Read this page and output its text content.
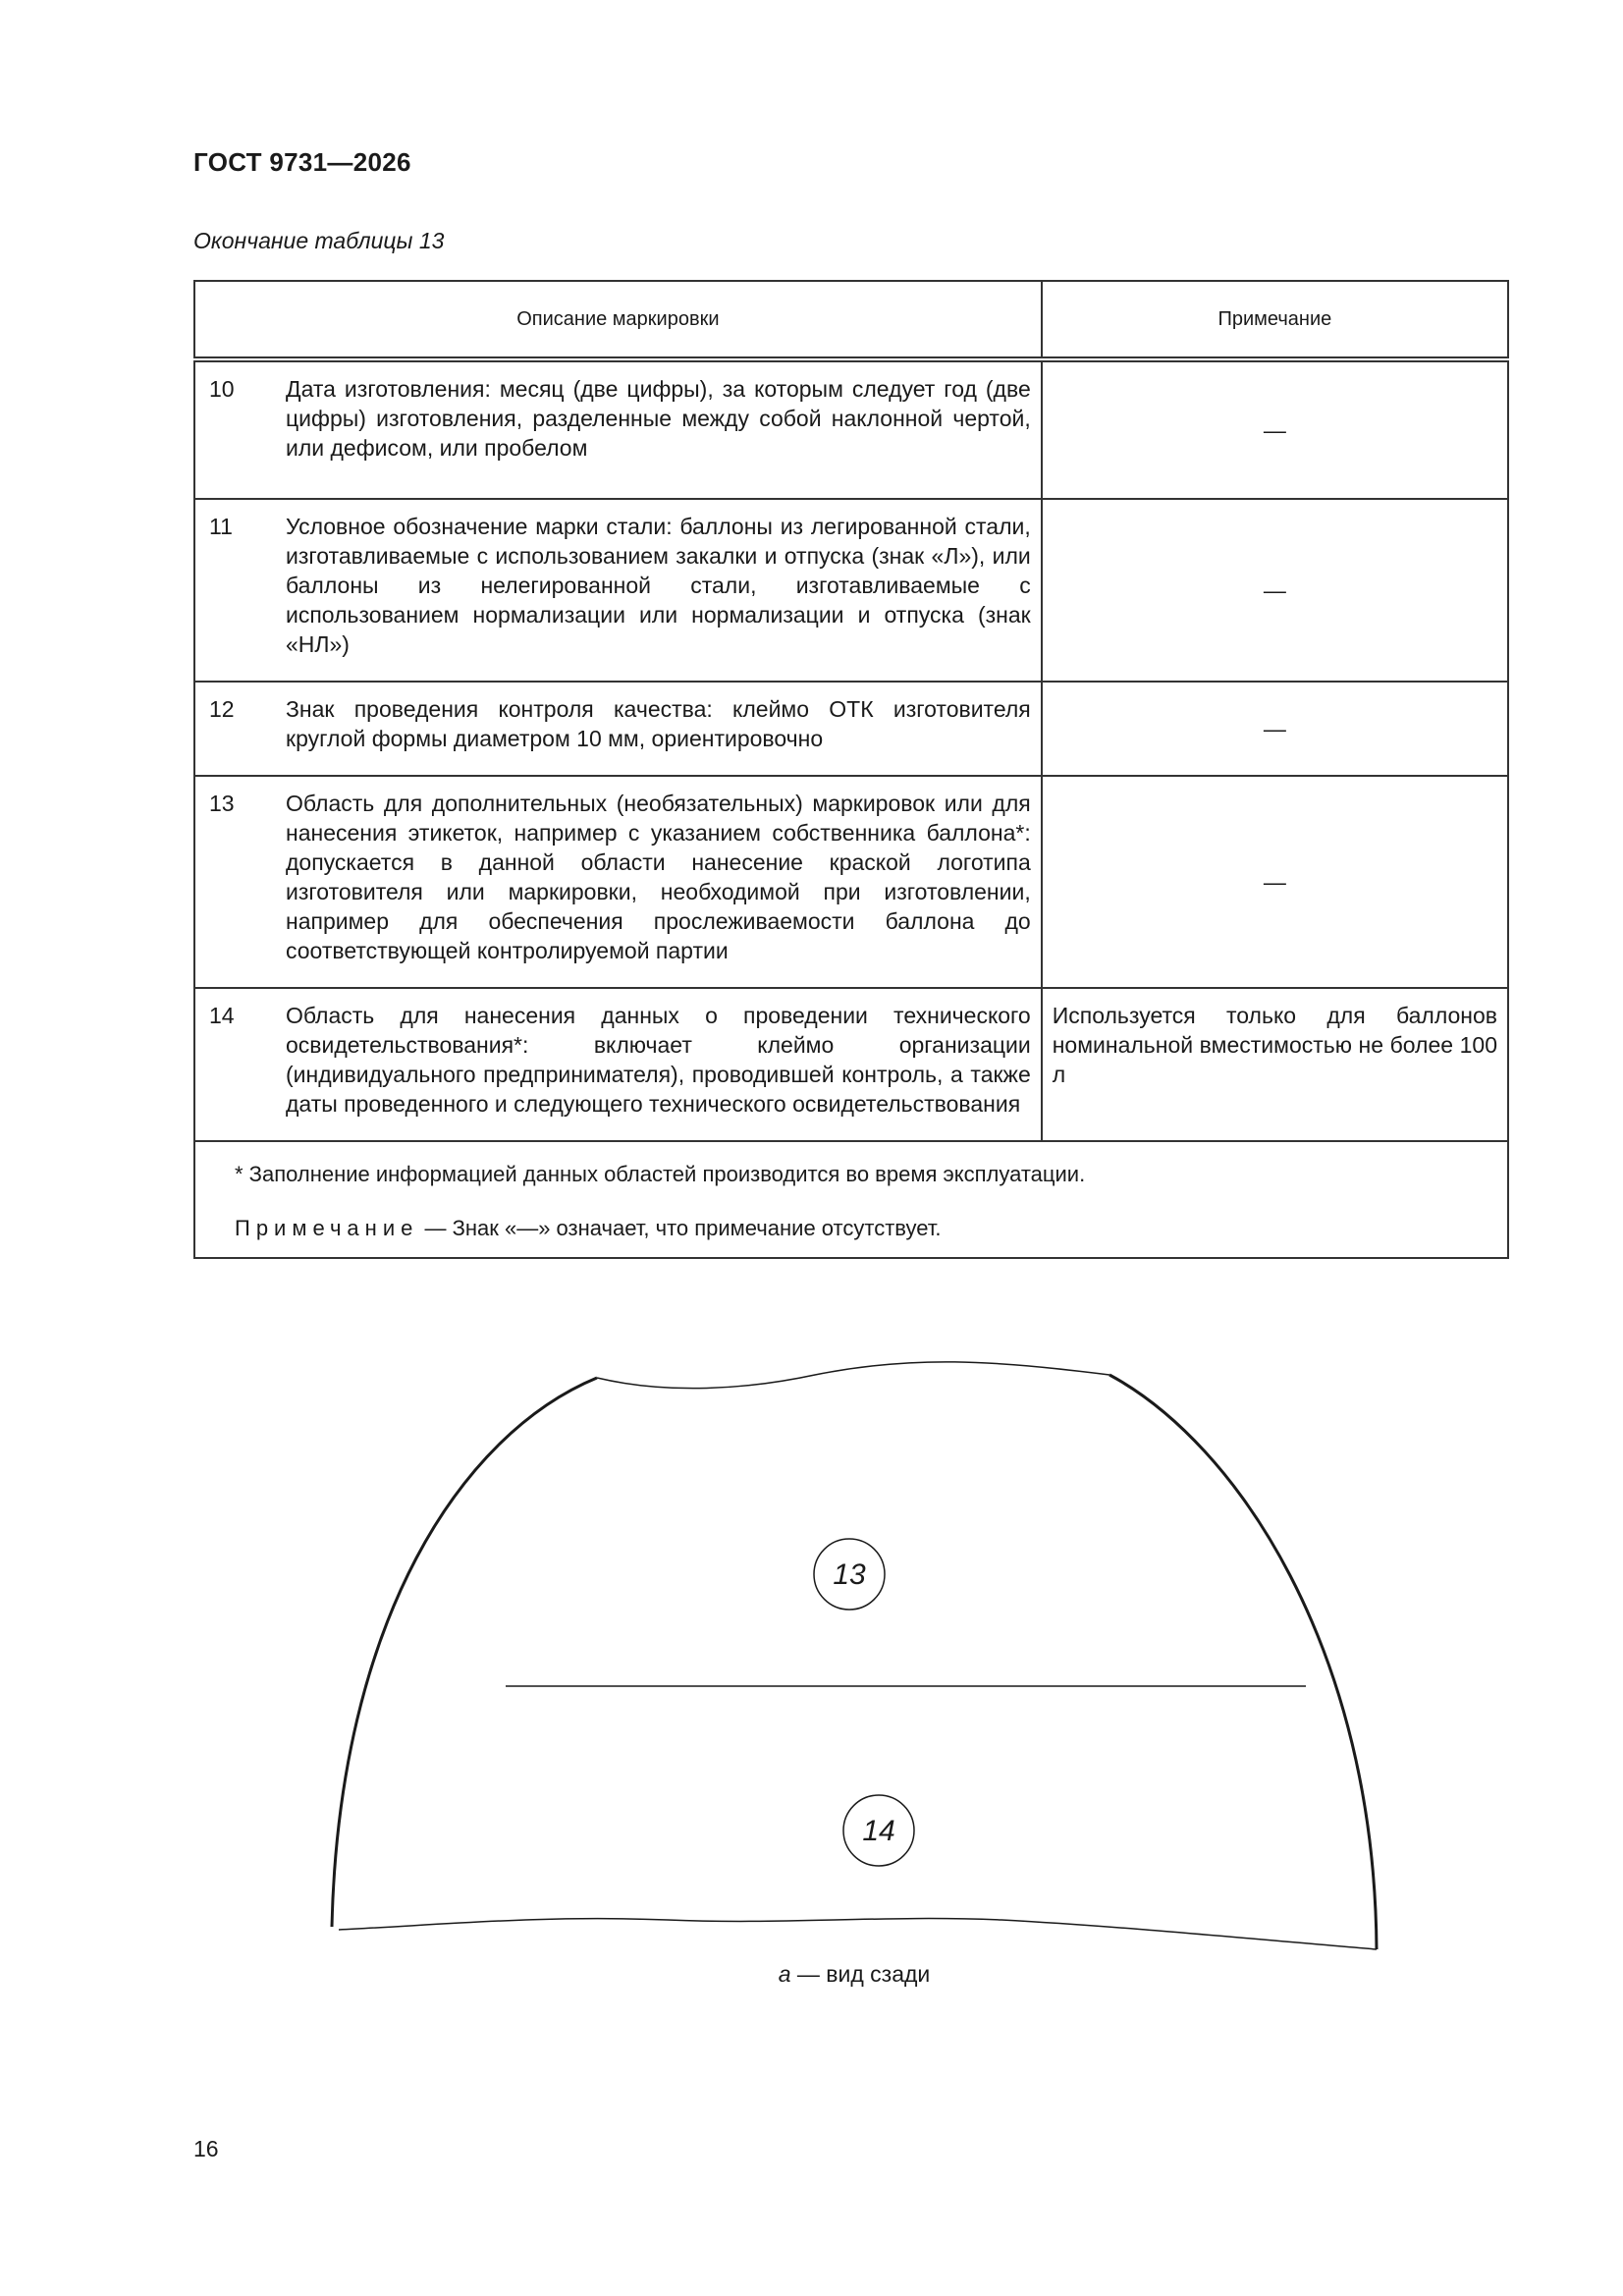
ГОСТ 9731—2026
Окончание таблицы 13
Описание маркировки	Примечание

10 Дата изготовления: месяц (две цифры), за которым следует год (две цифры) изготовления, разделенные между собой наклонной чертой, или дефисом, или пробелом	—

11 Условное обозначение марки стали: баллоны из легированной стали, изготавливаемые с использованием закалки и отпуска (знак «Л»), или баллоны из нелегированной стали, изготавливаемые с использованием нормализации или нормализации и отпуска (знак «НЛ»)	—

12 Знак проведения контроля качества: клеймо ОТК изготовителя круглой формы диаметром 10 мм, ориентировочно	—

13 Область для дополнительных (необязательных) маркировок или для нанесения этикеток, например с указанием собственника баллона*: допускается в данной области нанесение краской логотипа изготовителя или маркировки, необходимой при изготовлении, например для обеспечения прослеживаемости баллона до соответствующей контролируемой партии	—

14 Область для нанесения данных о проведении технического освидетельствования*: включает клеймо организации (индивидуального предпринимателя), проводившей контроль, а также даты проведенного и следующего технического освидетельствования	Используется только для баллонов номинальной вместимостью не более 100 л

* Заполнение информацией данных областей производится во время эксплуатации.
Примечание — Знак «—» означает, что примечание отсутствует.	
13
14
а — вид сзади
16
